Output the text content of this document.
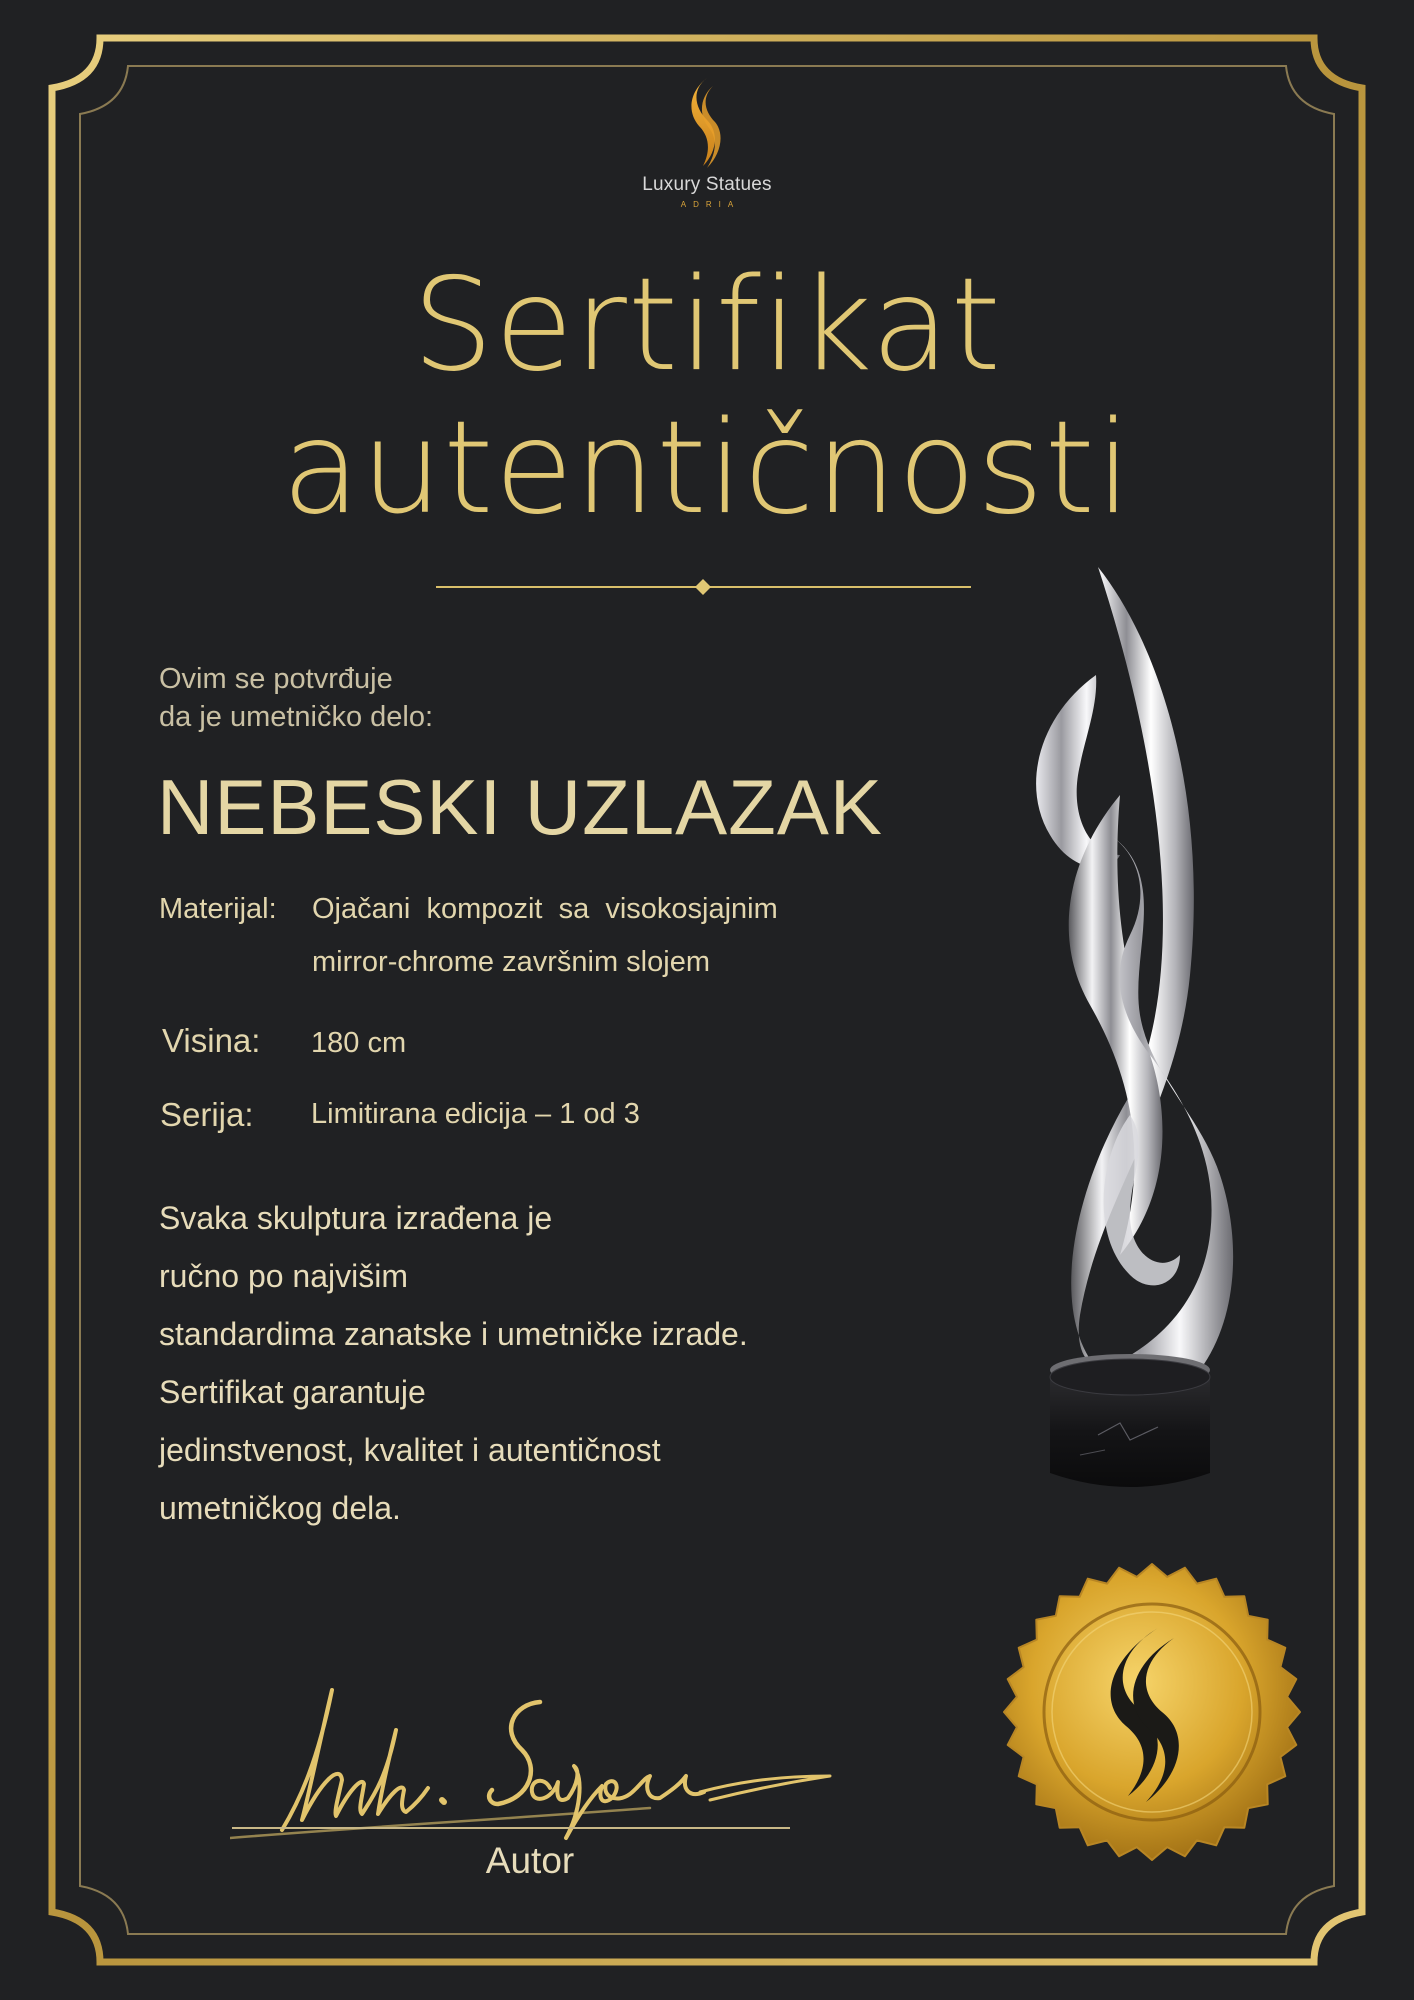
Luxury Statues
ADRIA
Sertifikat
autentičnosti
Ovim se potvrđuje
da je umetničko delo:
NEBESKI UZLAZAK
Materijal: Ojačani  kompozit  sa  visokosjajnim
mirror-chrome završnim slojem
Visina: 180 cm
Serija: Limitirana edicija – 1 od 3
Svaka skulptura izrađena je
ručno po najvišim
standardima zanatske i umetničke izrade.
Sertifikat garantuje
jedinstvenost, kvalitet i autentičnost
umetničkog dela.
Autor
